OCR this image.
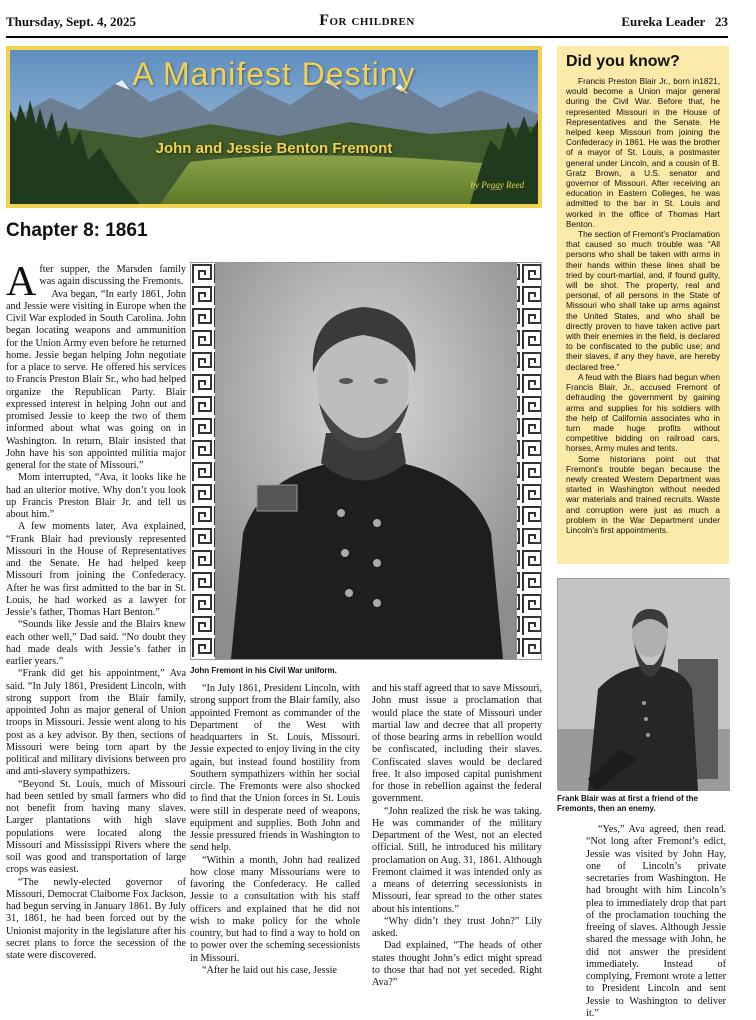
Thursday, Sept. 4, 2025	For children	Eureka Leader 23
A Manifest Destiny
John and Jessie Benton Fremont
by Peggy Reed
Chapter 8: 1861

After supper, the Marsden family was again discussing the Fremonts.

Ava began, “In early 1861, John and Jessie were visiting in Europe when the Civil War exploded in South Carolina. John began locating weapons and ammunition for the Union Army even before he returned home. Jessie began helping John negotiate for a place to serve. He offered his services to Francis Preston Blair Sr., who had helped organize the Republican Party. Blair expressed interest in helping John out and promised Jessie to keep the two of them informed about what was going on in Washington. In return, Blair insisted that John have his son appointed militia major general for the state of Missouri.”

Mom interrupted, “Ava, it looks like he had an ulterior motive. Why don’t you look up Francis Preston Blair Jr. and tell us about him.”

A few moments later, Ava explained, “Frank Blair had previously represented Missouri in the House of Representatives and the Senate. He had helped keep Missouri from joining the Confederacy. After he was first admitted to the bar in St. Louis, he had worked as a lawyer for Jessie’s father, Thomas Hart Benton.”

“Sounds like Jessie and the Blairs knew each other well,” Dad said. “No doubt they had made deals with Jessie’s father in earlier years.”

“Frank did get his appointment,” Ava said. “In July 1861, President Lincoln, with strong support from the Blair family, appointed John as major general of Union troops in Missouri. Jessie went along to his post as a key advisor. By then, sections of Missouri were being torn apart by the political and military divisions between pro and anti-slavery sympathizers.

“Beyond St. Louis, much of Missouri had been settled by small farmers who did not benefit from having many slaves. Larger plantations with high slave populations were located along the Missouri and Mississippi Rivers where the soil was good and transportation of large crops was easiest.

“The newly-elected governor of Missouri, Democrat Claiborne Fox Jackson, had begun serving in January 1861. By July 31, 1861, he had been forced out by the Unionist majority in the legislature after his secret plans to force the secession of the state were discovered.

John Fremont in his Civil War uniform.

“In July 1861, President Lincoln, with strong support from the Blair family, also appointed Fremont as commander of the Department of the West with headquarters in St. Louis, Missouri. Jessie expected to enjoy living in the city again, but instead found hostility from Southern sympathizers within her social circle. The Fremonts were also shocked to find that the Union forces in St. Louis were still in desperate need of weapons, equipment and supplies. Both John and Jessie pressured friends in Washington to send help.

“Within a month, John had realized how close many Missourians were to favoring the Confederacy. He called Jessie to a consultation with his staff officers and explained that he did not wish to make policy for the whole country, but had to find a way to hold on to power over the scheming secessionists in Missouri.

“After he laid out his case, Jessie

and his staff agreed that to save Missouri, John must issue a proclamation that would place the state of Missouri under martial law and decree that all property of those bearing arms in rebellion would be confiscated, including their slaves. Confiscated slaves would be declared free. It also imposed capital punishment for those in rebellion against the federal government.

“John realized the risk he was taking. He was commander of the military Department of the West, not an elected official. Still, he introduced his military proclamation on Aug. 31, 1861. Although Fremont claimed it was intended only as a means of deterring secessionists in Missouri, fear spread to the other states about his intentions.”

“Why didn’t they trust John?” Lily asked.

Dad explained, “The heads of other states thought John’s edict might spread to those that had not yet seceded. Right Ava?”

Did you know?

Francis Preston Blair Jr., born in1821, would become a Union major general during the Civil War. Before that, he represented Missouri in the House of Representatives and the Senate. He helped keep Missouri from joining the Confederacy in 1861. He was the brother of a mayor of St. Louis, a postmaster general under Lincoln, and a cousin of B. Gratz Brown, a U.S. senator and governor of Missouri. After receiving an education in Eastern Colleges, he was admitted to the bar in St. Louis and worked in the office of Thomas Hart Benton.

The section of Fremont’s Proclamation that caused so much trouble was “All persons who shall be taken with arms in their hands within these lines shall be tried by court-martial, and, if found guilty, will be shot. The property, real and personal, of all persons in the State of Missouri who shall take up arms against the United States, and who shall be directly proven to have taken active part with their enemies in the field, is declared to be confiscated to the public use; and their slaves, if any they have, are hereby declared free.”

A feud with the Blairs had begun when Francis Blair, Jr., accused Fremont of defrauding the government by gaining arms and supplies for his soldiers with the help of California associates who in turn made huge profits without competitive bidding on railroad cars, horses, Army mules and tents.

Some historians point out that Fremont’s trouble began because the newly created Western Department was started in Washington without needed war materials and trained recruits. Waste and corruption were just as much a problem in the War Department under Lincoln’s first appointments.

Frank Blair was at first a friend of the Fremonts, then an enemy.

“Yes,” Ava agreed, then read. “Not long after Fremont’s edict, Jessie was visited by John Hay, one of Lincoln’s private secretaries from Washington. He had brought with him Lincoln’s plea to immediately drop that part of the proclamation touching the freeing of slaves. Although Jessie shared the message with John, he did not answer the president immediately. Instead of complying, Fremont wrote a letter to President Lincoln and sent Jessie to Washington to deliver it.”
